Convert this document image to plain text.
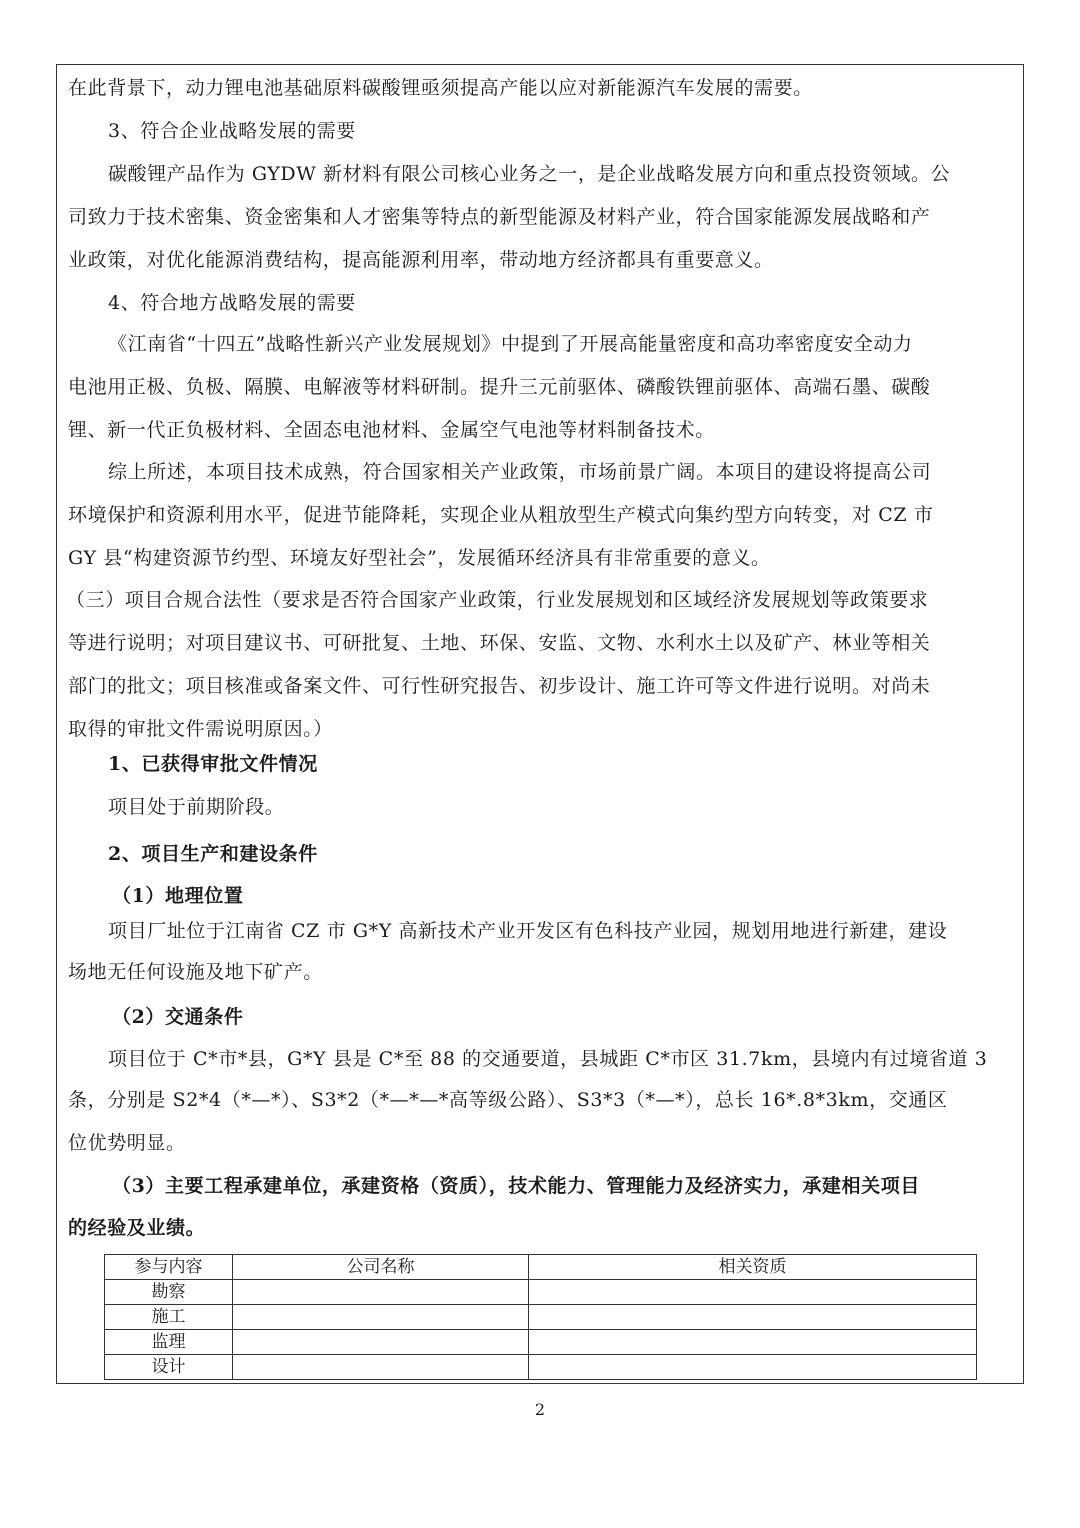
在此背景下，动力锂电池基础原料碳酸锂亟须提高产能以应对新能源汽车发展的需要。
3、符合企业战略发展的需要
碳酸锂产品作为 GYDW 新材料有限公司核心业务之一，是企业战略发展方向和重点投资领域。公
司致力于技术密集、资金密集和人才密集等特点的新型能源及材料产业，符合国家能源发展战略和产
业政策，对优化能源消费结构，提高能源利用率，带动地方经济都具有重要意义。
4、符合地方战略发展的需要
《江南省“十四五”战略性新兴产业发展规划》中提到了开展高能量密度和高功率密度安全动力
电池用正极、负极、隔膜、电解液等材料研制。提升三元前驱体、磷酸铁锂前驱体、高端石墨、碳酸
锂、新一代正负极材料、全固态电池材料、金属空气电池等材料制备技术。
综上所述，本项目技术成熟，符合国家相关产业政策，市场前景广阔。本项目的建设将提高公司
环境保护和资源利用水平，促进节能降耗，实现企业从粗放型生产模式向集约型方向转变，对 CZ 市
GY 县“构建资源节约型、环境友好型社会”，发展循环经济具有非常重要的意义。
（三）项目合规合法性（要求是否符合国家产业政策，行业发展规划和区域经济发展规划等政策要求
等进行说明；对项目建议书、可研批复、土地、环保、安监、文物、水利水土以及矿产、林业等相关
部门的批文；项目核准或备案文件、可行性研究报告、初步设计、施工许可等文件进行说明。对尚未
取得的审批文件需说明原因。）
1、已获得审批文件情况
项目处于前期阶段。
2、项目生产和建设条件
（1）地理位置
项目厂址位于江南省 CZ 市 G*Y 高新技术产业开发区有色科技产业园，规划用地进行新建，建设
场地无任何设施及地下矿产。
（2）交通条件
项目位于 C*市*县，G*Y 县是 C*至 88 的交通要道，县城距 C*市区 31.7km，县境内有过境省道 3
条，分别是 S2*4（*—*）、S3*2（*—*—*高等级公路）、S3*3（*—*），总长 16*.8*3km，交通区
位优势明显。
（3）主要工程承建单位，承建资格（资质），技术能力、管理能力及经济实力，承建相关项目
的经验及业绩。
参与内容	公司名称	相关资质
勘察		
施工		
监理		
设计		
2
